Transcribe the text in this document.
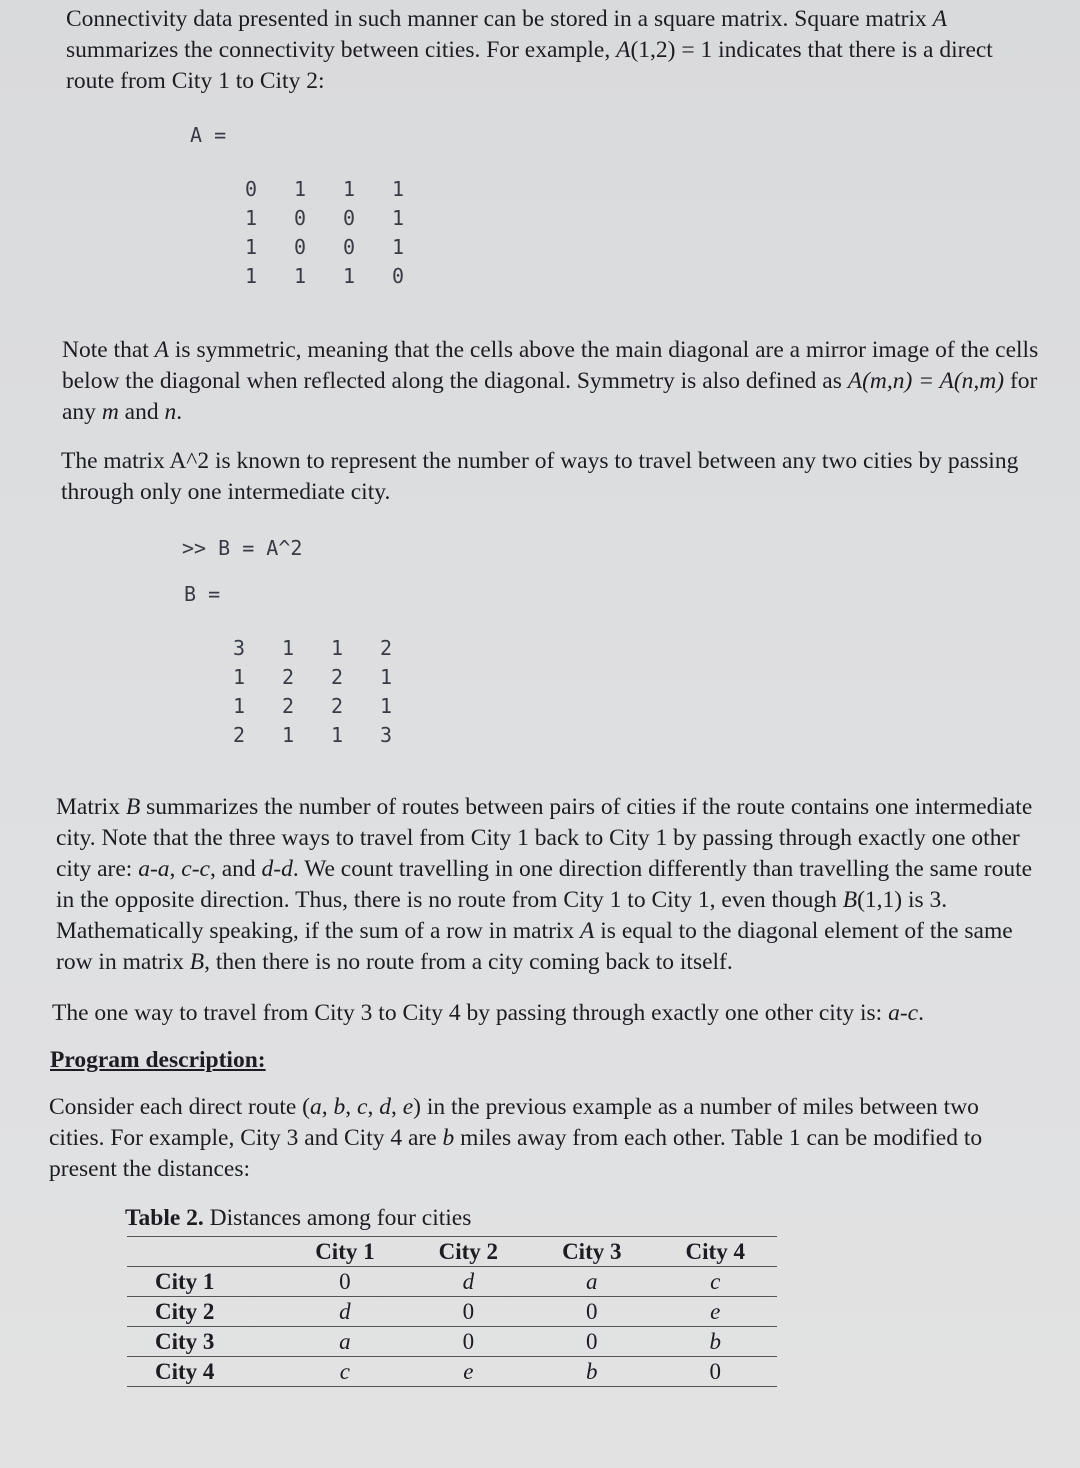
Connectivity data presented in such manner can be stored in a square matrix. Square matrix A summarizes the connectivity between cities. For example, A(1,2) = 1 indicates that there is a direct route from City 1 to City 2:
A =
0	1	1	1
1	0	0	1
1	0	0	1
1	1	1	0
Note that A is symmetric, meaning that the cells above the main diagonal are a mirror image of the cells below the diagonal when reflected along the diagonal. Symmetry is also defined as A(m,n) = A(n,m) for any m and n.
The matrix A^2 is known to represent the number of ways to travel between any two cities by passing through only one intermediate city.
>> B = A^2
B =
3	1	1	2
1	2	2	1
1	2	2	1
2	1	1	3
Matrix B summarizes the number of routes between pairs of cities if the route contains one intermediate city. Note that the three ways to travel from City 1 back to City 1 by passing through exactly one other city are: a-a, c-c, and d-d. We count travelling in one direction differently than travelling the same route in the opposite direction. Thus, there is no route from City 1 to City 1, even though B(1,1) is 3. Mathematically speaking, if the sum of a row in matrix A is equal to the diagonal element of the same row in matrix B, then there is no route from a city coming back to itself.
The one way to travel from City 3 to City 4 by passing through exactly one other city is: a-c.
Program description:
Consider each direct route (a, b, c, d, e) in the previous example as a number of miles between two cities. For example, City 3 and City 4 are b miles away from each other. Table 1 can be modified to present the distances:
Table 2. Distances among four cities
	City 1	City 2	City 3	City 4
City 1	0	d	a	c
City 2	d	0	0	e
City 3	a	0	0	b
City 4	c	e	b	0
